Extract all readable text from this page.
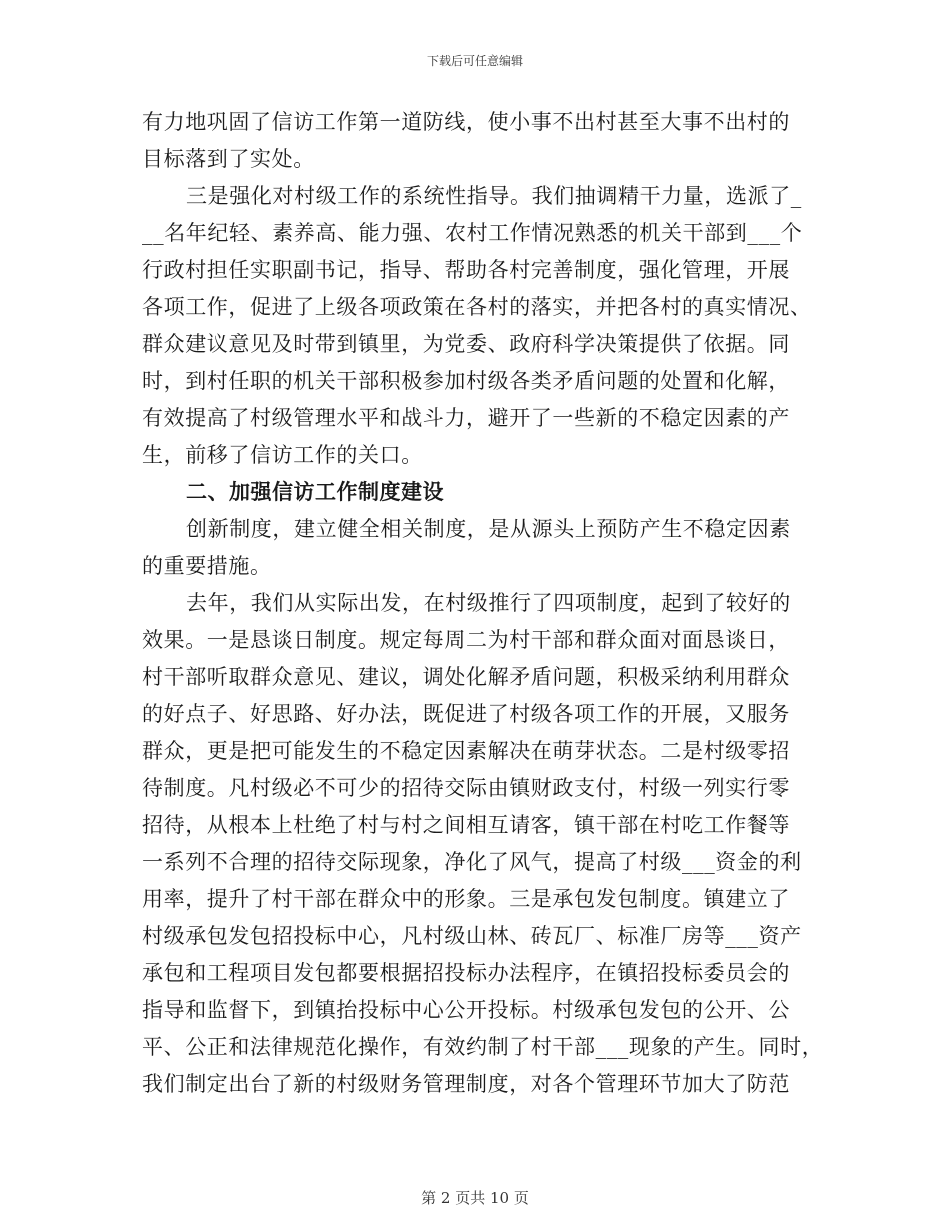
下载后可任意编辑
有力地巩固了信访工作第一道防线，使小事不出村甚至大事不出村的
目标落到了实处。
三是强化对村级工作的系统性指导。我们抽调精干力量，选派了_
__名年纪轻、素养高、能力强、农村工作情况熟悉的机关干部到___个
行政村担任实职副书记，指导、帮助各村完善制度，强化管理，开展
各项工作，促进了上级各项政策在各村的落实，并把各村的真实情况、
群众建议意见及时带到镇里，为党委、政府科学决策提供了依据。同
时，到村任职的机关干部积极参加村级各类矛盾问题的处置和化解，
有效提高了村级管理水平和战斗力，避开了一些新的不稳定因素的产
生，前移了信访工作的关口。
二、加强信访工作制度建设
创新制度，建立健全相关制度，是从源头上预防产生不稳定因素
的重要措施。
去年，我们从实际出发，在村级推行了四项制度，起到了较好的
效果。一是恳谈日制度。规定每周二为村干部和群众面对面恳谈日，
村干部听取群众意见、建议，调处化解矛盾问题，积极采纳利用群众
的好点子、好思路、好办法，既促进了村级各项工作的开展，又服务
群众，更是把可能发生的不稳定因素解决在萌芽状态。二是村级零招
待制度。凡村级必不可少的招待交际由镇财政支付，村级一列实行零
招待，从根本上杜绝了村与村之间相互请客，镇干部在村吃工作餐等
一系列不合理的招待交际现象，净化了风气，提高了村级___资金的利
用率，提升了村干部在群众中的形象。三是承包发包制度。镇建立了
村级承包发包招投标中心，凡村级山林、砖瓦厂、标准厂房等___资产
承包和工程项目发包都要根据招投标办法程序，在镇招投标委员会的
指导和监督下，到镇抬投标中心公开投标。村级承包发包的公开、公
平、公正和法律规范化操作，有效约制了村干部___现象的产生。同时，
我们制定出台了新的村级财务管理制度，对各个管理环节加大了防范
第 2 页共 10 页
